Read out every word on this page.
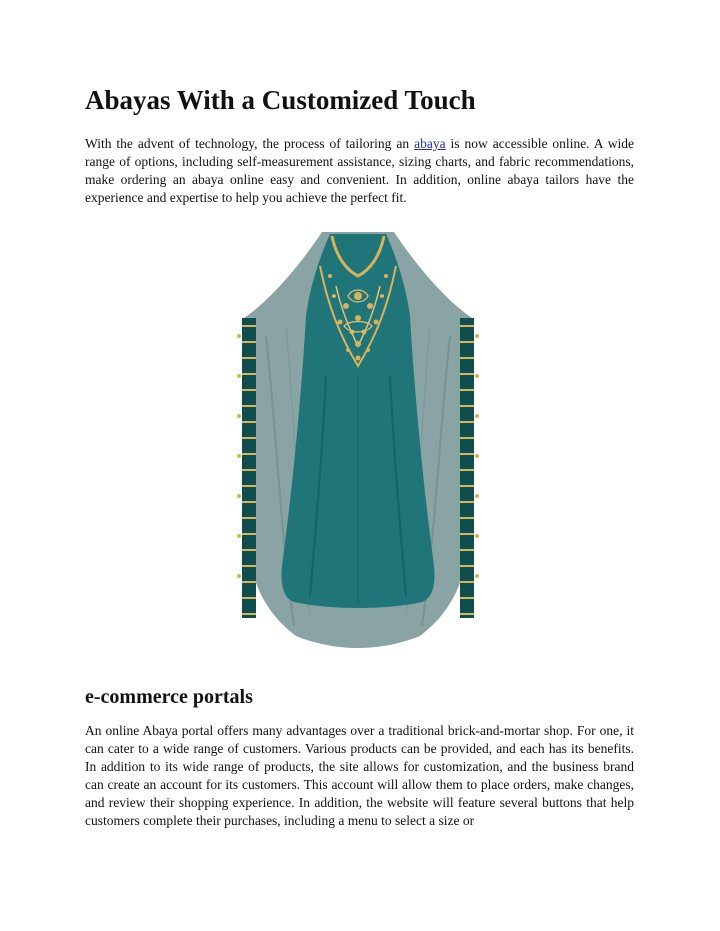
Abayas With a Customized Touch

With the advent of technology, the process of tailoring an abaya is now accessible online. A wide range of options, including self-measurement assistance, sizing charts, and fabric recommendations, make ordering an abaya online easy and convenient. In addition, online abaya tailors have the experience and expertise to help you achieve the perfect fit.

e-commerce portals

An online Abaya portal offers many advantages over a traditional brick-and-mortar shop. For one, it can cater to a wide range of customers. Various products can be provided, and each has its benefits. In addition to its wide range of products, the site allows for customization, and the business brand can create an account for its customers. This account will allow them to place orders, make changes, and review their shopping experience. In addition, the website will feature several buttons that help customers complete their purchases, including a menu to select a size or
